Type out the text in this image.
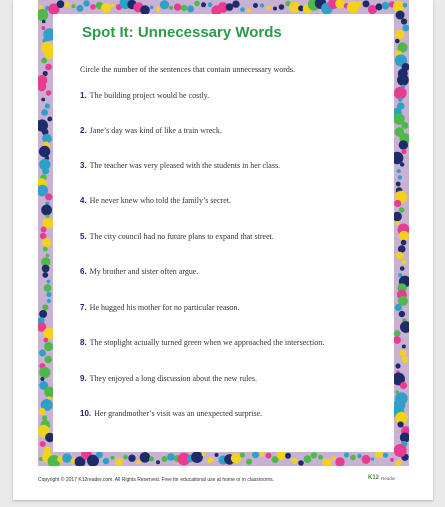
Spot It: Unnecessary Words

Circle the number of the sentences that contain unnecessary words.

1. The building project would be costly.

2. Jane’s day was kind of like a train wreck.

3. The teacher was very pleased with the students in her class.

4. He never knew who told the family’s secret.

5. The city council had no future plans to expand that street.

6. My brother and sister often argue.

7. He hugged his mother for no particular reason.

8. The stoplight actually turned green when we approached the intersection.

9. They enjoyed a long discussion about the new rules.

10. Her grandmother’s visit was an unexpected surprise.

Copyright © 2017 K12reader.com. All Rights Reserved. Free for educational use at home or in classrooms.	K12 Reader
